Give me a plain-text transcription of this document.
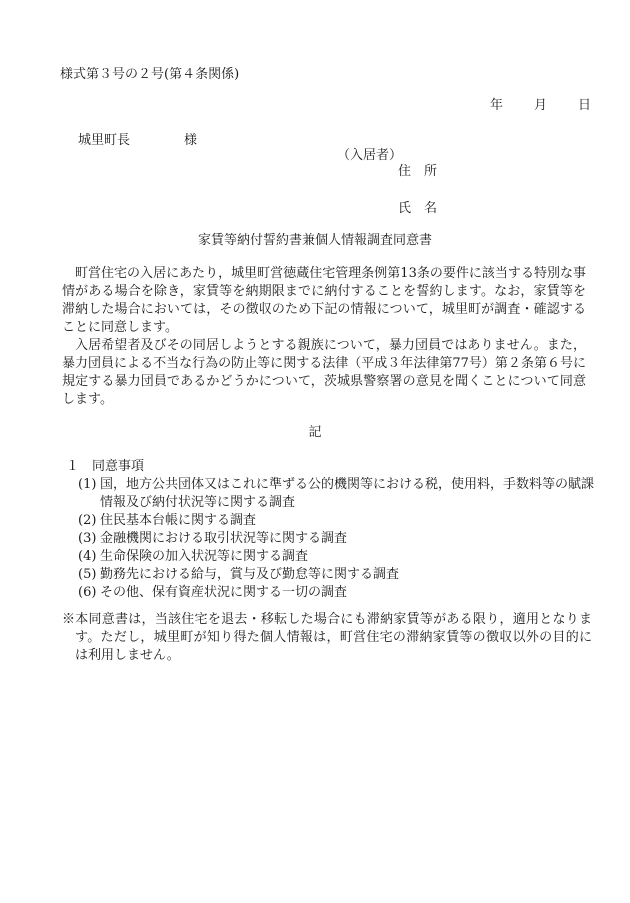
様式第３号の２号(第４条関係)
年 月 日
城里町長	様
（入居者）
住　所
氏　名
家賃等納付誓約書兼個人情報調査同意書

町営住宅の入居にあたり，城里町営徳蔵住宅管理条例第13条の要件に該当する特別な事情がある場合を除き，家賃等を納期限までに納付することを誓約します。なお，家賃等を滞納した場合においては，その徴収のため下記の情報について，城里町が調査・確認することに同意します。

入居希望者及びその同居しようとする親族について，暴力団員ではありません。また，暴力団員による不当な行為の防止等に関する法律（平成３年法律第77号）第２条第６号に規定する暴力団員であるかどうかについて，茨城県警察署の意見を聞くことについて同意します。

記

１　同意事項

(1) 国，地方公共団体又はこれに準ずる公的機関等における税，使用料，手数料等の賦課情報及び納付状況等に関する調査
(2) 住民基本台帳に関する調査
(3) 金融機関における取引状況等に関する調査
(4) 生命保険の加入状況等に関する調査
(5) 勤務先における給与，賞与及び勤怠等に関する調査
(6) その他、保有資産状況に関する一切の調査

※本同意書は，当該住宅を退去・移転した場合にも滞納家賃等がある限り，適用となります。ただし，城里町が知り得た個人情報は，町営住宅の滞納家賃等の徴収以外の目的には利用しません。
